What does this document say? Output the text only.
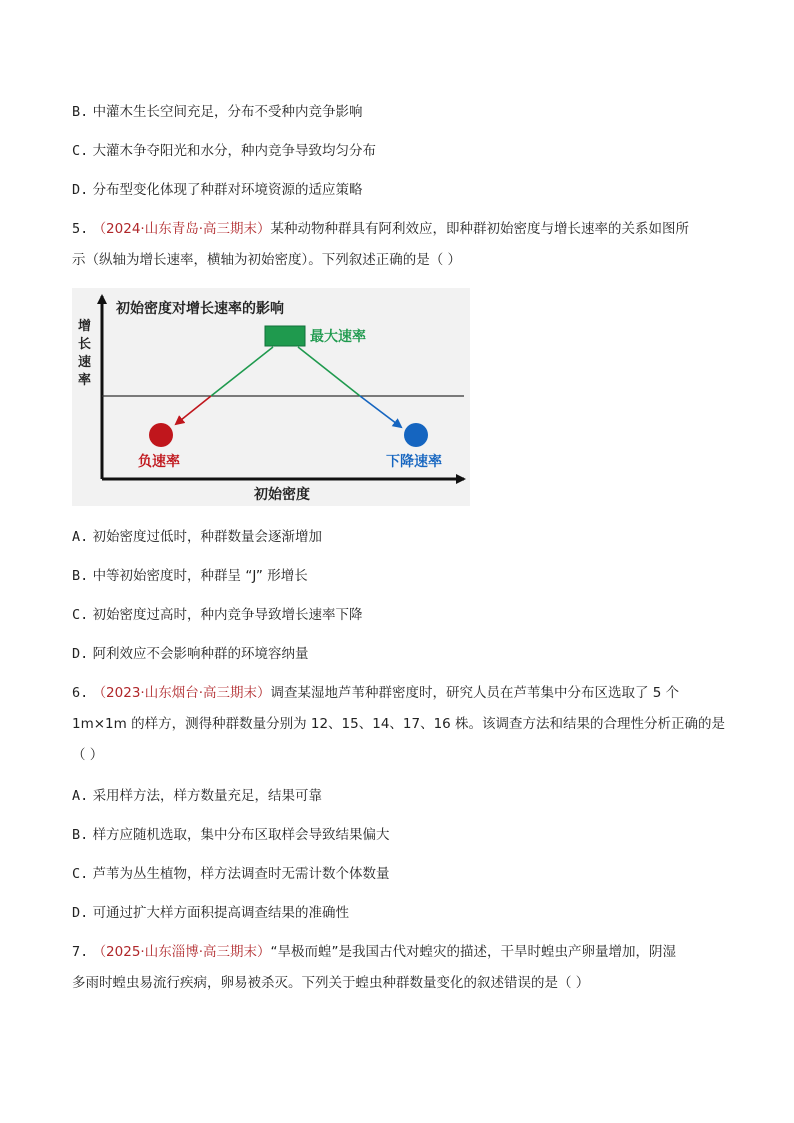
B. 中灌木生长空间充足，分布不受种内竞争影响
C. 大灌木争夺阳光和水分，种内竞争导致均匀分布
D. 分布型变化体现了种群对环境资源的适应策略
5. （2024·山东青岛·高三期末）某种动物种群具有阿利效应，即种群初始密度与增长速率的关系如图所
示（纵轴为增长速率，横轴为初始密度）。下列叙述正确的是（ ）
初始密度对增长速率的影响
增
长
速
率
初始密度
最大速率
负速率	下降速率
A. 初始密度过低时，种群数量会逐渐增加
B. 中等初始密度时，种群呈 “J” 形增长
C. 初始密度过高时，种内竞争导致增长速率下降
D. 阿利效应不会影响种群的环境容纳量
6. （2023·山东烟台·高三期末）调查某湿地芦苇种群密度时，研究人员在芦苇集中分布区选取了 5 个
1m×1m 的样方，测得种群数量分别为 12、15、14、17、16 株。该调查方法和结果的合理性分析正确的是
（ ）
A. 采用样方法，样方数量充足，结果可靠
B. 样方应随机选取，集中分布区取样会导致结果偏大
C. 芦苇为丛生植物，样方法调查时无需计数个体数量
D. 可通过扩大样方面积提高调查结果的准确性
7. （2025·山东淄博·高三期末）“旱极而蝗”是我国古代对蝗灾的描述，干旱时蝗虫产卵量增加，阴湿
多雨时蝗虫易流行疾病，卵易被杀灭。下列关于蝗虫种群数量变化的叙述错误的是（ ）
